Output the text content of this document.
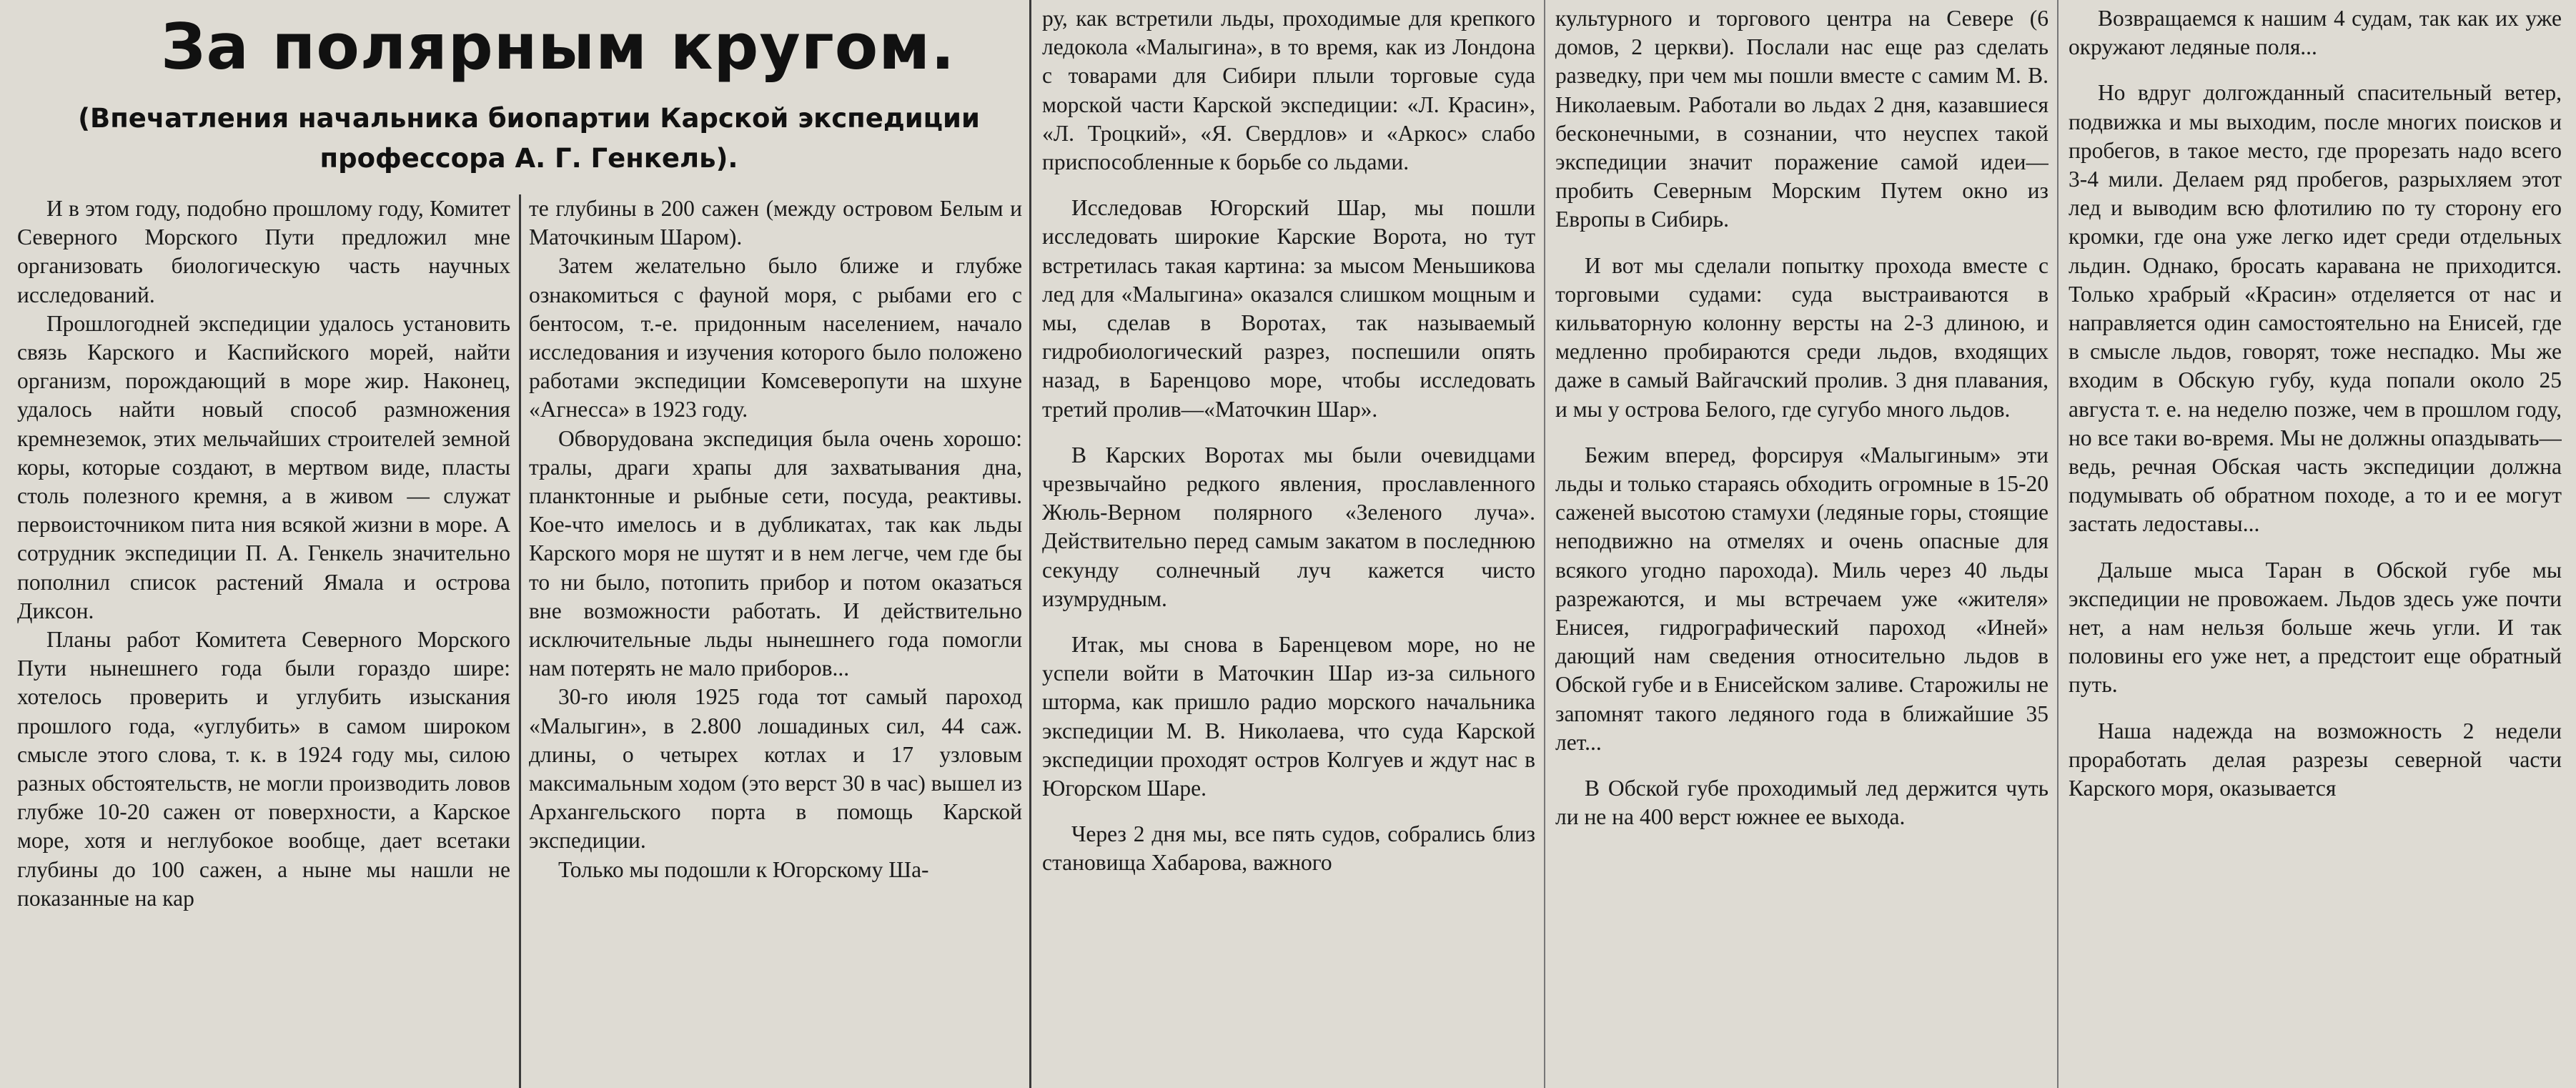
За полярным кругом.
(Впечатления начальника биопартии Карской экспедиции профессора А. Г. Генкель).

И в этом году, подобно прошлому году, Комитет Северного Морского Пути предложил мне организовать биологическую часть научных исследований.

Прошлогодней экспедиции удалось установить связь Карского и Каспийского морей, найти организм, порождающий в море жир. Наконец, удалось найти новый способ размножения кремнеземок, этих мельчайших строителей земной коры, которые создают, в мертвом виде, пласты столь полезного кремня, а в живом — служат первоисточником пита ния всякой жизни в море. А сотрудник экспедиции П. А. Генкель значительно пополнил список растений Ямала и острова Диксон.

Планы работ Комитета Северного Морского Пути нынешнего года были гораздо шире: хотелось проверить и углубить изыскания прошлого года, «углубить» в самом широком смысле этого слова, т. к. в 1924 году мы, силою разных обстоятельств, не могли производить ловов глубже 10-20 сажен от поверхности, а Карское море, хотя и неглубокое вообще, дает всетаки глубины до 100 сажен, а ныне мы нашли не показанные на кар

те глубины в 200 сажен (между островом Белым и Маточкиным Шаром).

Затем желательно было ближе и глубже ознакомиться с фауной моря, с рыбами его с бентосом, т.-е. придонным населением, начало исследования и изучения которого было положено работами экспедиции Комсеверопути на шхуне «Агнесса» в 1923 году.

Обворудована экспедиция была очень хорошо: тралы, драги храпы для захватывания дна, планктонные и рыбные сети, посуда, реактивы. Кое-что имелось и в дубликатах, так как льды Карского моря не шутят и в нем легче, чем где бы то ни было, потопить прибор и потом оказаться вне возможности работать. И действительно исключительные льды нынешнего года помогли нам потерять не мало приборов...

30-го июля 1925 года тот самый пароход «Малыгин», в 2.800 лошадиных сил, 44 саж. длины, о четырех котлах и 17 узловым максимальным ходом (это верст 30 в час) вышел из Архангельского порта в помощь Карской экспедиции.

Только мы подошли к Югорскому Ша-

ру, как встретили льды, проходимые для крепкого ледокола «Малыгина», в то время, как из Лондона с товарами для Сибири плыли торговые суда морской части Карской экспедиции: «Л. Красин», «Л. Троцкий», «Я. Свердлов» и «Аркос» слабо приспособленные к борьбе со льдами.

Исследовав Югорский Шар, мы пошли исследовать широкие Карские Ворота, но тут встретилась такая картина: за мысом Меньшикова лед для «Малыгина» оказался слишком мощным и мы, сделав в Воротах, так называемый гидробиологический разрез, поспешили опять назад, в Баренцово море, чтобы исследовать третий пролив—«Маточкин Шар».

В Карских Воротах мы были очевидцами чрезвычайно редкого явления, прославленного Жюль-Верном полярного «Зеленого луча». Действительно перед самым закатом в последнюю секунду солнечный луч кажется чисто изумрудным.

Итак, мы снова в Баренцевом море, но не успели войти в Маточкин Шар из-за сильного шторма, как пришло радио морского начальника экспедиции М. В. Николаева, что суда Карской экспедиции проходят остров Колгуев и ждут нас в Югорском Шаре.

Через 2 дня мы, все пять судов, собрались близ становища Хабарова, важного

культурного и торгового центра на Севере (6 домов, 2 церкви). Послали нас еще раз сделать разведку, при чем мы пошли вместе с самим М. В. Николаевым. Работали во льдах 2 дня, казавшиеся бесконечными, в сознании, что неуспех такой экспедиции значит поражение самой идеи—пробить Северным Морским Путем окно из Европы в Сибирь.

И вот мы сделали попытку прохода вместе с торговыми судами: суда выстраиваются в кильваторную колонну версты на 2-3 длиною, и медленно пробираются среди льдов, входящих даже в самый Вайгачский пролив. 3 дня плавания, и мы у острова Белого, где сугубо много льдов.

Бежим вперед, форсируя «Малыгиным» эти льды и только стараясь обходить огромные в 15-20 саженей высотою стамухи (ледяные горы, стоящие неподвижно на отмелях и очень опасные для всякого угодно парохода). Миль через 40 льды разрежаются, и мы встречаем уже «жителя» Енисея, гидрографический пароход «Иней» дающий нам сведения относительно льдов в Обской губе и в Енисейском заливе. Старожилы не запомнят такого ледяного года в ближайшие 35 лет...

В Обской губе проходимый лед держится чуть ли не на 400 верст южнее ее выхода.

Возвращаемся к нашим 4 судам, так как их уже окружают ледяные поля...

Но вдруг долгожданный спасительный ветер, подвижка и мы выходим, после многих поисков и пробегов, в такое место, где прорезать надо всего 3-4 мили. Делаем ряд пробегов, разрыхляем этот лед и выводим всю флотилию по ту сторону его кромки, где она уже легко идет среди отдельных льдин. Однако, бросать каравана не приходится. Только храбрый «Красин» отделяется от нас и направляется один самостоятельно на Енисей, где в смысле льдов, говорят, тоже неспадко. Мы же входим в Обскую губу, куда попали около 25 августа т. е. на неделю позже, чем в прошлом году, но все таки во-время. Мы не должны опаздывать—ведь, речная Обская часть экспедиции должна подумывать об обратном походе, а то и ее могут застать ледоставы...

Дальше мыса Таран в Обской губе мы экспедиции не провожаем. Льдов здесь уже почти нет, а нам нельзя больше жечь угли. И так половины его уже нет, а предстоит еще обратный путь.

Наша надежда на возможность 2 недели проработать делая разрезы северной части Карского моря, оказывается
